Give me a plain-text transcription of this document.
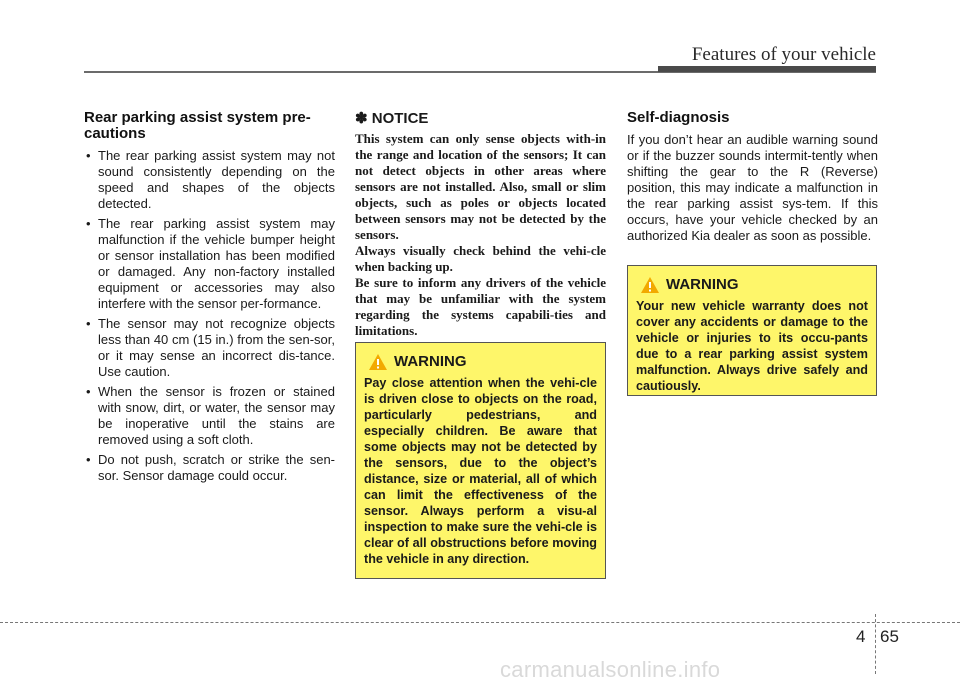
Features of your vehicle
Rear parking assist system pre-cautions
• The rear parking assist system may not sound consistently depending on the speed and shapes of the objects detected.
• The rear parking assist system may malfunction if the vehicle bumper height or sensor installation has been modified or damaged. Any non-factory installed equipment or accessories may also interfere with the sensor per-formance.
• The sensor may not recognize objects less than 40 cm (15 in.) from the sen-sor, or it may sense an incorrect dis-tance. Use caution.
• When the sensor is frozen or stained with snow, dirt, or water, the sensor may be inoperative until the stains are removed using a soft cloth.
• Do not push, scratch or strike the sen-sor. Sensor damage could occur.
✽ NOTICE

This system can only sense objects with-in the range and location of the sensors; It can not detect objects in other areas where sensors are not installed. Also, small or slim objects, such as poles or objects located between sensors may not be detected by the sensors.

Always visually check behind the vehi-cle when backing up.

Be sure to inform any drivers of the vehicle that may be unfamiliar with the system regarding the systems capabili-ties and limitations.

WARNING

Pay close attention when the vehi-cle is driven close to objects on the road, particularly pedestrians, and especially children. Be aware that some objects may not be detected by the sensors, due to the object’s distance, size or material, all of which can limit the effectiveness of the sensor. Always perform a visu-al inspection to make sure the vehi-cle is clear of all obstructions before moving the vehicle in any direction.

Self-diagnosis

If you don’t hear an audible warning sound or if the buzzer sounds intermit-tently when shifting the gear to the R (Reverse) position, this may indicate a malfunction in the rear parking assist sys-tem. If this occurs, have your vehicle checked by an authorized Kia dealer as soon as possible.

WARNING

Your new vehicle warranty does not cover any accidents or damage to the vehicle or injuries to its occu-pants due to a rear parking assist system malfunction. Always drive safely and cautiously.

4 65
carmanualsonline.info
